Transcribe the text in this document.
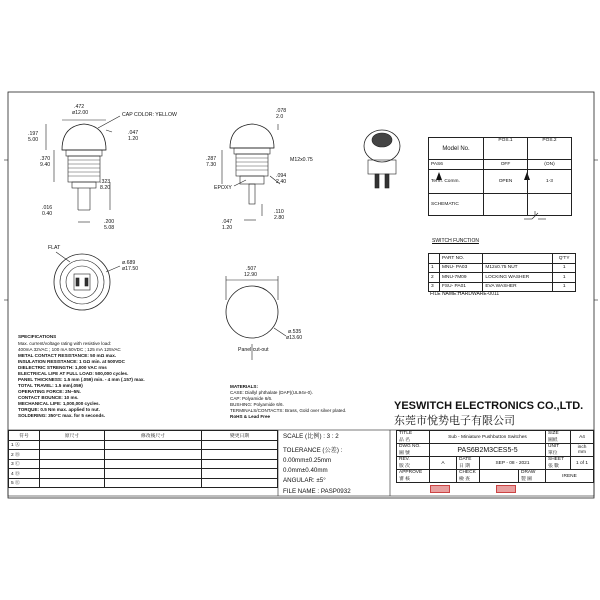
.472
ø12.00
.197
5.00
.370
9.40
.323
8.20
.016
0.40
.200
5.08
.047
1.20
CAP COLOR: YELLOW
.078
2.0
.287
7.30
.094
2.40
.047
1.20
.110
2.80
M12x0.75
EPOXY
FLAT
ø.689
ø17.50	.507
12.90
ø.535
ø13.60
Panel cut-out
Model No.	POS.1	POS.2
PAS6	OFF	(ON)
Term. Comm.	OPEN	1-3
SCHEMATIC		
SWITCH FUNCTION
	PART NO.		Q'TY
1	MNU- PA03	M12x0.75 NUT	1
2	MNU-7M09	LOCKING WASHER	1
3	FSU- PA01	EVA WASHER	1
FILE NAME:HARDWARE-0011
SPECIFICATIONS
Max. current/voltage rating with resistive load:
400mA 32VAC ; 100 mA 50VDC ; 125 mA 125VAC
METAL CONTACT RESISTANCE: 50 mΩ max.
INSULATION RESISTANCE: 1 GΩ min. at 500VDC
DIELECTRIC STRENGTH: 1,000 VAC rms
ELECTRICAL LIFE AT FULL LOAD: 500,000 cycles.
PANEL THICKNESS: 1.5 mm (.059) min. - 4 mm (.157) max.
TOTAL TRAVEL: 1.5 mm(.059)
OPERATING FORCE: 2N~5N.
CONTACT BOUNCE: 10 ms.
MECHANICAL LIFE: 1,000,000 cycles.
TORQUE: 0.5 Nm max. applied to nut.
SOLDERING: 350°C max. for 5 seconds.
MATERIALS:
CASE: Diallyl phthalate (DAP)(UL94v-0).
CAP: Polyamide 6/6.
BUSHING: Polyamide 6/6.
TERMINALS/CONTACTS: Brass, Gold over silver plated.
RoHS & Lead Free
符号	原尺寸	修改後尺寸	變更日期
1 Ⓐ			
2 Ⓑ			
3 Ⓒ			
4 Ⓓ			
5 Ⓔ			
SCALE (比例) : 3 : 2
TOLERANCE (公差) :
0.00mm±0.25mm
0.0mm±0.40mm
ANGULAR: ±5°
FILE NAME : PASP0932
YESWITCH ELECTRONICS CO.,LTD.
东莞市悅势电子有限公司
TITLE
品 名	Sub - Miniature Pushbutton Switches				SIZE
圖紙	A4
DWG NO.
圖 號	PAS6B2M3CES5-5				UNIT
單位	inch mm
REV.
版 次	A	DATE
日 期	SEP - 08 - 2021		SHEET
張 數	1 of 1
APPROVE
審 核		CHECK
檢 查		DRAW
製 圖	IRENE	
